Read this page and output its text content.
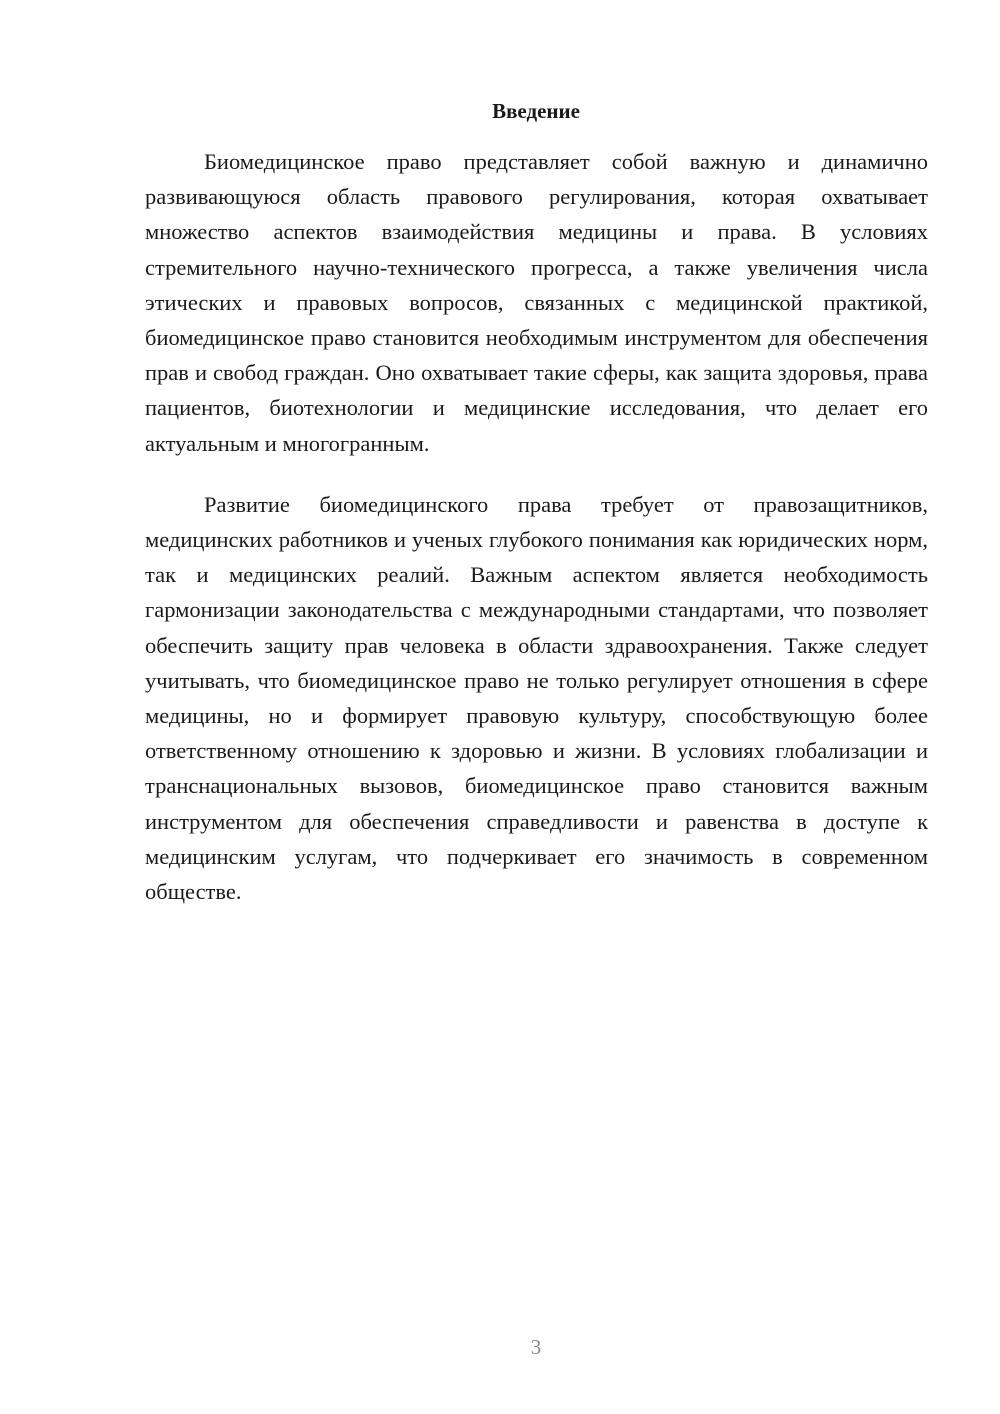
Введение

Биомедицинское право представляет собой важную и динамично развивающуюся область правового регулирования, которая охватывает множество аспектов взаимодействия медицины и права. В условиях стремительного научно-технического прогресса, а также увеличения числа этических и правовых вопросов, связанных с медицинской практикой, биомедицинское право становится необходимым инструментом для обеспечения прав и свобод граждан. Оно охватывает такие сферы, как защита здоровья, права пациентов, биотехнологии и медицинские исследования, что делает его актуальным и многогранным.

Развитие биомедицинского права требует от правозащитников, медицинских работников и ученых глубокого понимания как юридических норм, так и медицинских реалий. Важным аспектом является необходимость гармонизации законодательства с международными стандартами, что позволяет обеспечить защиту прав человека в области здравоохранения. Также следует учитывать, что биомедицинское право не только регулирует отношения в сфере медицины, но и формирует правовую культуру, способствующую более ответственному отношению к здоровью и жизни. В условиях глобализации и транснациональных вызовов, биомедицинское право становится важным инструментом для обеспечения справедливости и равенства в доступе к медицинским услугам, что подчеркивает его значимость в современном обществе.

3
